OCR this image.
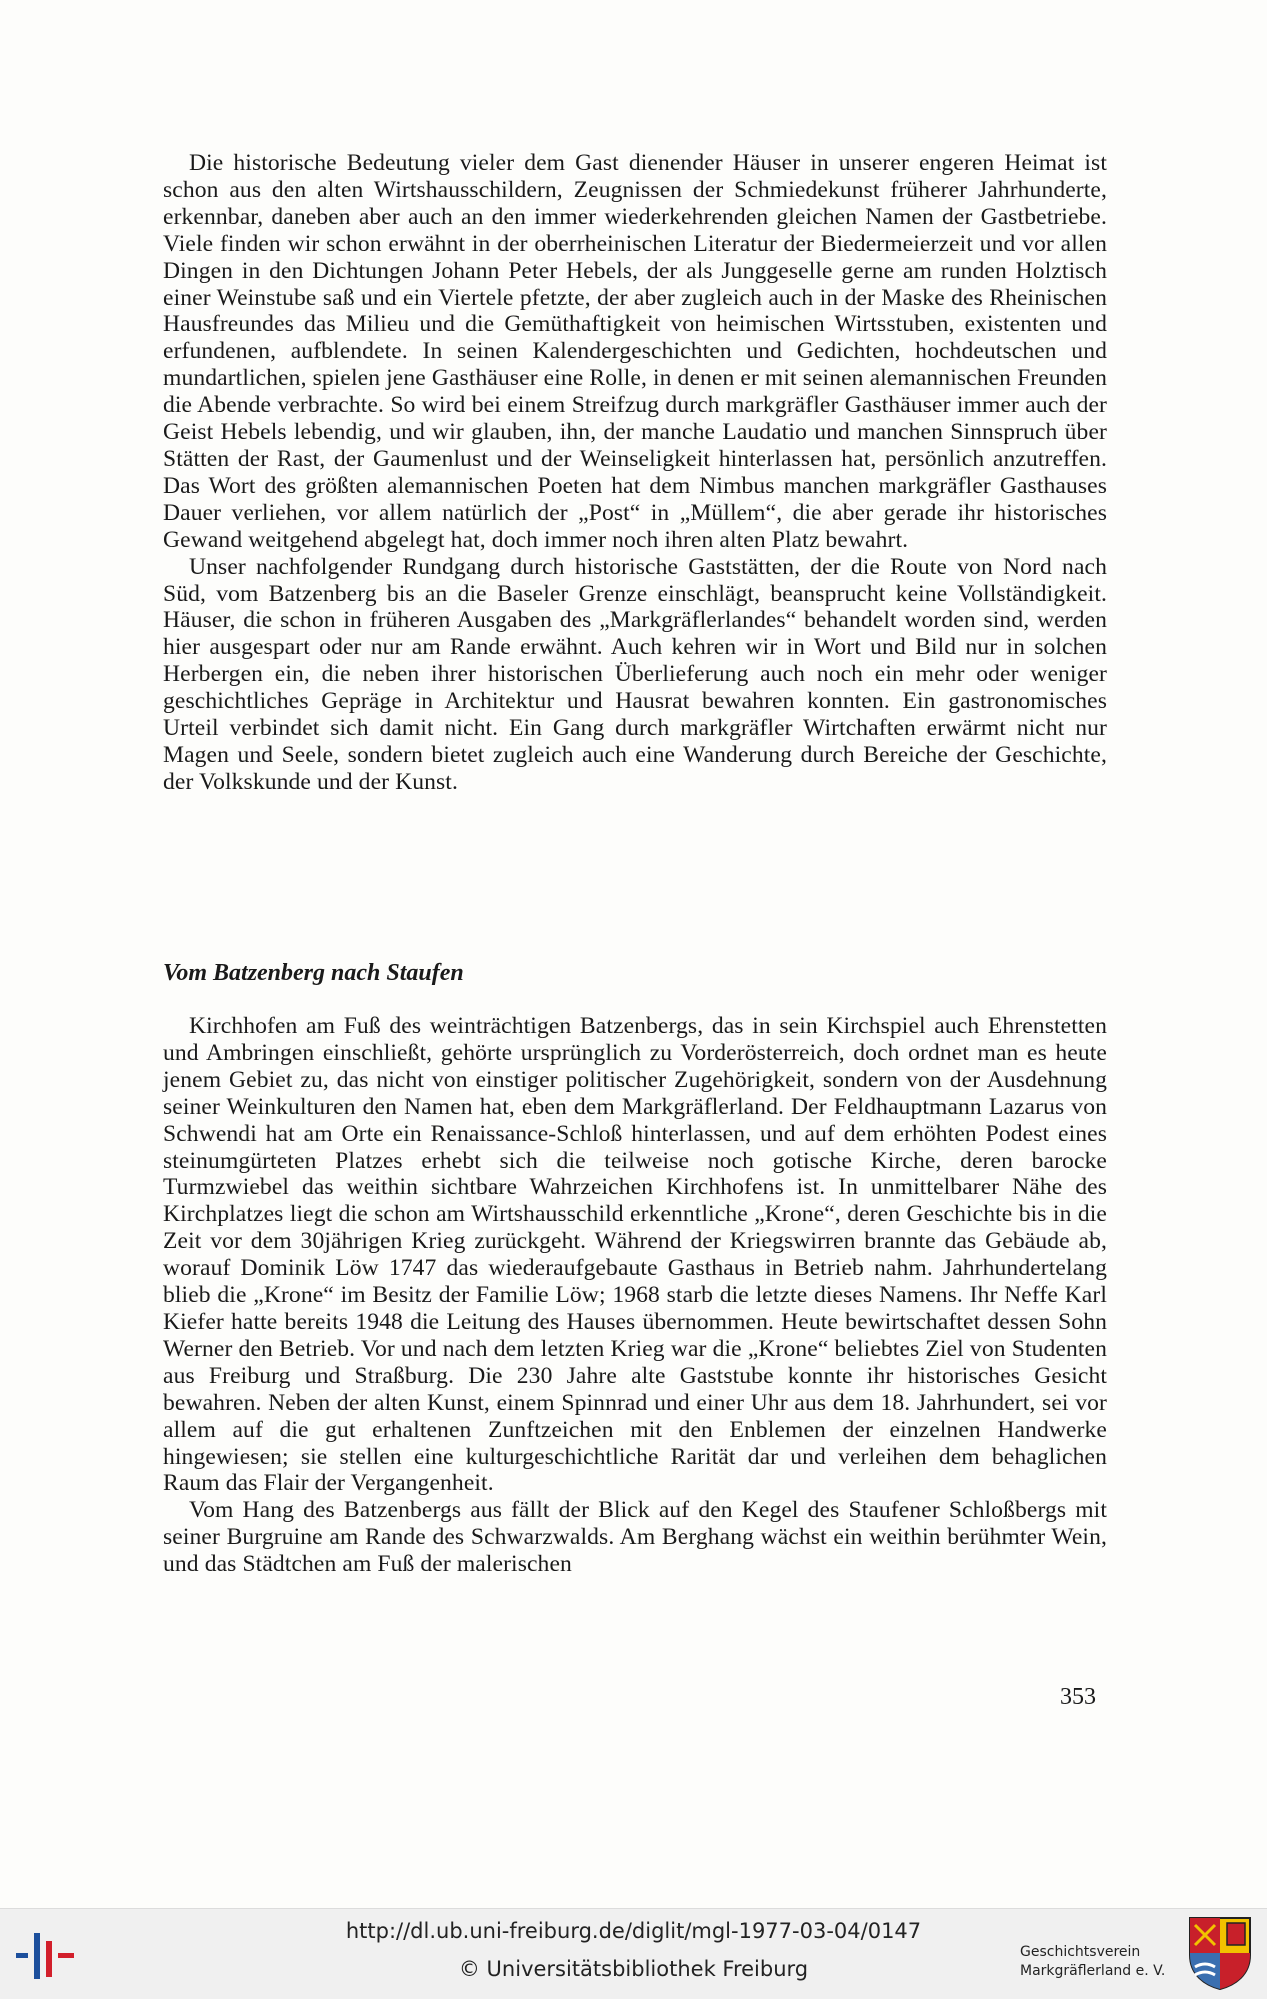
Die historische Bedeutung vieler dem Gast dienender Häuser in unserer engeren Heimat ist schon aus den alten Wirtshausschildern, Zeugnissen der Schmiedekunst früherer Jahrhunderte, erkennbar, daneben aber auch an den immer wiederkehrenden gleichen Namen der Gastbetriebe. Viele finden wir schon erwähnt in der oberrheinischen Literatur der Biedermeierzeit und vor allen Dingen in den Dichtungen Johann Peter Hebels, der als Junggeselle gerne am runden Holztisch einer Weinstube saß und ein Viertele pfetzte, der aber zugleich auch in der Maske des Rheinischen Hausfreundes das Milieu und die Gemüthaftigkeit von heimischen Wirtsstuben, existenten und erfundenen, aufblendete. In seinen Kalendergeschichten und Gedichten, hochdeutschen und mundartlichen, spielen jene Gasthäuser eine Rolle, in denen er mit seinen alemannischen Freunden die Abende verbrachte. So wird bei einem Streifzug durch markgräfler Gasthäuser immer auch der Geist Hebels lebendig, und wir glauben, ihn, der manche Laudatio und manchen Sinnspruch über Stätten der Rast, der Gaumenlust und der Weinseligkeit hinterlassen hat, persönlich anzutreffen. Das Wort des größten alemannischen Poeten hat dem Nimbus manchen markgräfler Gasthauses Dauer verliehen, vor allem natürlich der „Post“ in „Müllem“, die aber gerade ihr historisches Gewand weitgehend abgelegt hat, doch immer noch ihren alten Platz bewahrt.

Unser nachfolgender Rundgang durch historische Gaststätten, der die Route von Nord nach Süd, vom Batzenberg bis an die Baseler Grenze einschlägt, beansprucht keine Vollständigkeit. Häuser, die schon in früheren Ausgaben des „Markgräflerlandes“ behandelt worden sind, werden hier ausgespart oder nur am Rande erwähnt. Auch kehren wir in Wort und Bild nur in solchen Herbergen ein, die neben ihrer historischen Überlieferung auch noch ein mehr oder weniger geschichtliches Gepräge in Architektur und Hausrat bewahren konnten. Ein gastronomisches Urteil verbindet sich damit nicht. Ein Gang durch markgräfler Wirtchaften erwärmt nicht nur Magen und Seele, sondern bietet zugleich auch eine Wanderung durch Bereiche der Geschichte, der Volkskunde und der Kunst.

Vom Batzenberg nach Staufen

Kirchhofen am Fuß des weinträchtigen Batzenbergs, das in sein Kirchspiel auch Ehrenstetten und Ambringen einschließt, gehörte ursprünglich zu Vorderösterreich, doch ordnet man es heute jenem Gebiet zu, das nicht von einstiger politischer Zugehörigkeit, sondern von der Ausdehnung seiner Weinkulturen den Namen hat, eben dem Markgräflerland. Der Feldhauptmann Lazarus von Schwendi hat am Orte ein Renaissance-Schloß hinterlassen, und auf dem erhöhten Podest eines steinumgürteten Platzes erhebt sich die teilweise noch gotische Kirche, deren barocke Turmzwiebel das weithin sichtbare Wahrzeichen Kirchhofens ist. In unmittelbarer Nähe des Kirchplatzes liegt die schon am Wirtshausschild erkenntliche „Krone“, deren Geschichte bis in die Zeit vor dem 30jährigen Krieg zurückgeht. Während der Kriegswirren brannte das Gebäude ab, worauf Dominik Löw 1747 das wiederaufgebaute Gasthaus in Betrieb nahm. Jahrhundertelang blieb die „Krone“ im Besitz der Familie Löw; 1968 starb die letzte dieses Namens. Ihr Neffe Karl Kiefer hatte bereits 1948 die Leitung des Hauses übernommen. Heute bewirtschaftet dessen Sohn Werner den Betrieb. Vor und nach dem letzten Krieg war die „Krone“ beliebtes Ziel von Studenten aus Freiburg und Straßburg. Die 230 Jahre alte Gaststube konnte ihr historisches Gesicht bewahren. Neben der alten Kunst, einem Spinnrad und einer Uhr aus dem 18. Jahrhundert, sei vor allem auf die gut erhaltenen Zunftzeichen mit den Enblemen der einzelnen Handwerke hingewiesen; sie stellen eine kulturgeschichtliche Rarität dar und verleihen dem behaglichen Raum das Flair der Vergangenheit.

Vom Hang des Batzenbergs aus fällt der Blick auf den Kegel des Staufener Schloßbergs mit seiner Burgruine am Rande des Schwarzwalds. Am Berghang wächst ein weithin berühmter Wein, und das Städtchen am Fuß der malerischen

353
http://dl.ub.uni-freiburg.de/diglit/mgl-1977-03-04/0147
© Universitätsbibliothek Freiburg
Geschichtsverein
Markgräflerland e. V.
